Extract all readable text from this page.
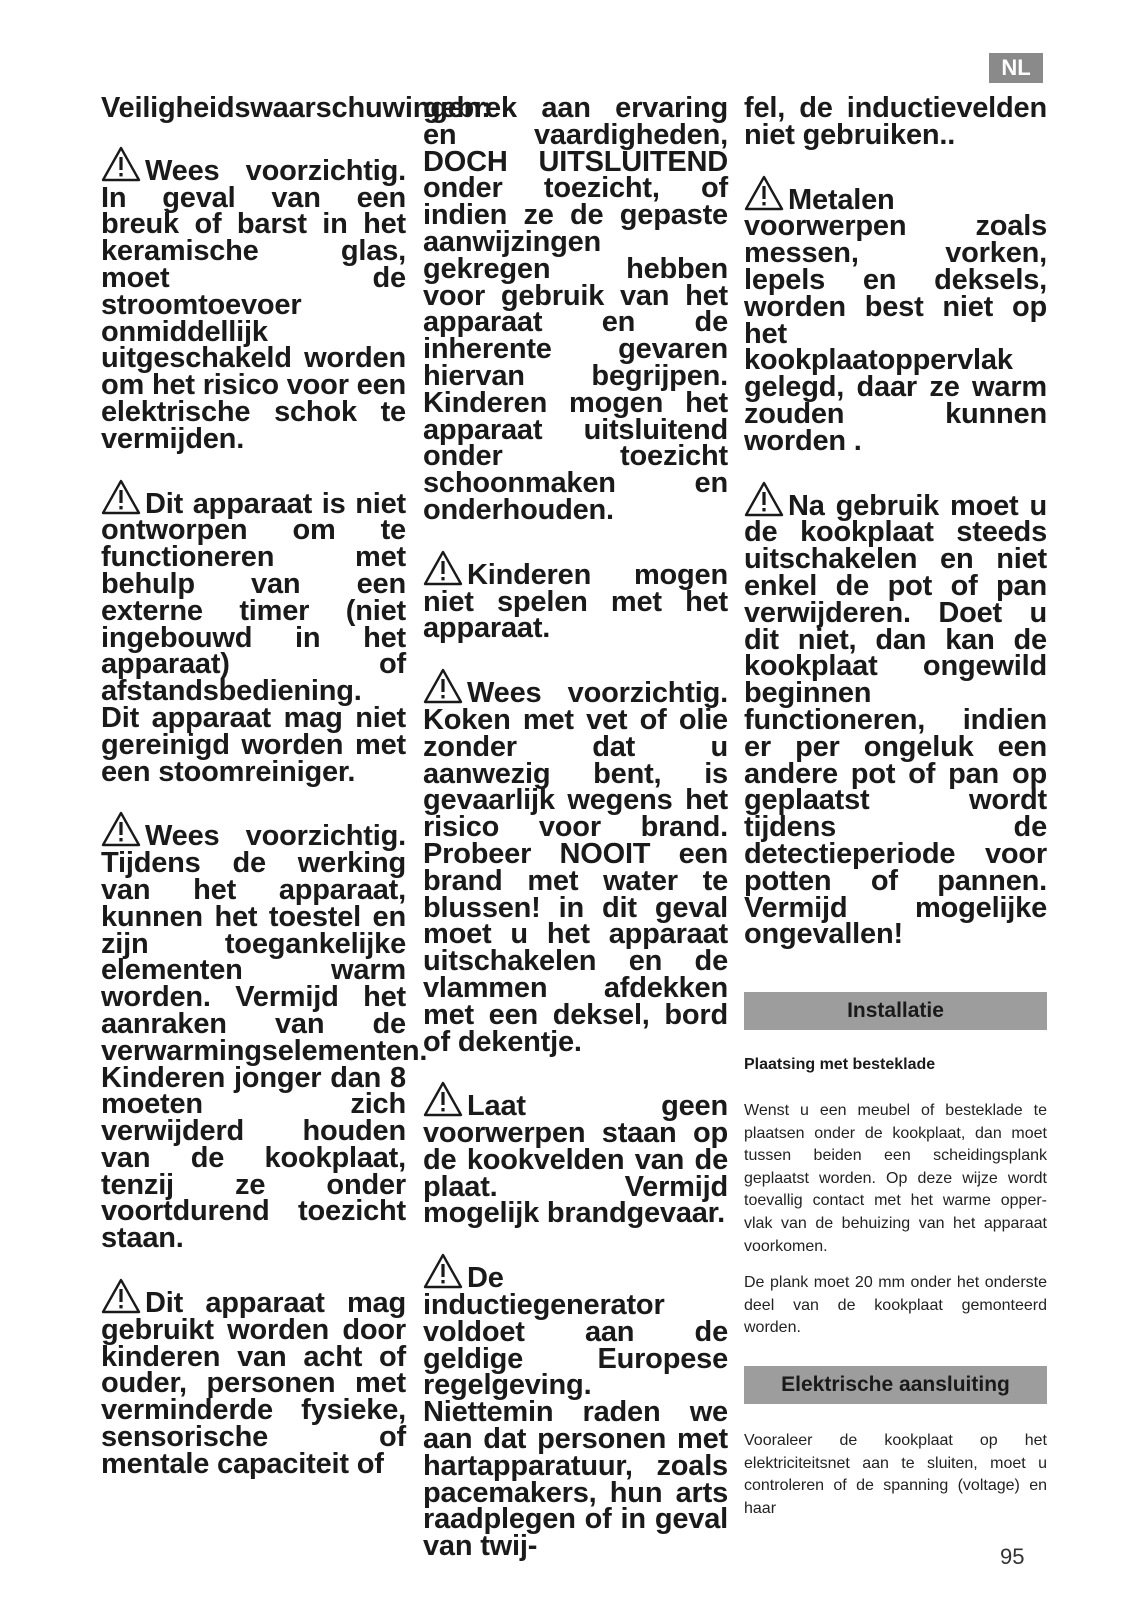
NL

Veiligheidswaarschuwingen:

Wees voorzichtig. In geval van een breuk of barst in het keramische glas, moet de stroomtoevoer onmiddellijk uitgeschakeld worden om het risico voor een elektrische schok te vermijden.

Dit apparaat is niet ontworpen om te functioneren met behulp van een externe timer (niet ingebouwd in het apparaat) of afstandsbediening. Dit apparaat mag niet gereinigd worden met een stoomreiniger.

Wees voorzichtig. Tijdens de werking van het apparaat, kunnen het toestel en zijn toegankelijke elementen warm worden. Vermijd het aanraken van de verwarmingselementen. Kinderen jonger dan 8 moeten zich verwijderd houden van de kookplaat, tenzij ze onder voortdurend toezicht staan.

Dit apparaat mag gebruikt worden door kinderen van acht of ouder, personen met verminderde fysieke, sensorische of mentale capaciteit of

gebrek aan ervaring en vaardigheden, DOCH UITSLUITEND onder toezicht, of indien ze de gepaste aanwijzingen gekregen hebben voor gebruik van het apparaat en de inherente gevaren hiervan begrijpen. Kinderen mogen het apparaat uitsluitend onder toezicht schoonmaken en onderhouden.

Kinderen mogen niet spelen met het apparaat.

Wees voorzichtig. Koken met vet of olie zonder dat u aanwezig bent, is gevaarlijk wegens het risico voor brand. Probeer NOOIT een brand met water te blussen! in dit geval moet u het apparaat uitschakelen en de vlammen afdekken met een deksel, bord of dekentje.

Laat geen voorwerpen staan op de kookvelden van de plaat. Vermijd mogelijk brandgevaar.

De inductiegenerator voldoet aan de geldige Europese regelgeving. Niettemin raden we aan dat personen met hartapparatuur, zoals pacemakers, hun arts raadplegen of in geval van twij-

fel, de inductievelden niet gebruiken..

Metalen voorwerpen zoals messen, vorken, lepels en deksels, worden best niet op het kookplaatoppervlak gelegd, daar ze warm zouden kunnen worden .

Na gebruik moet u de kookplaat steeds uitschakelen en niet enkel de pot of pan verwijderen. Doet u dit niet, dan kan de kookplaat ongewild beginnen functioneren, indien er per ongeluk een andere pot of pan op geplaatst wordt tijdens de detectieperiode voor potten of pannen. Vermijd mogelijke ongevallen!

Installatie

Plaatsing met besteklade

Wenst u een meubel of besteklade te plaatsen onder de kookplaat, dan moet tussen beiden een scheidingsplank geplaatst worden. Op deze wijze wordt toevallig contact met het warme opper- vlak van de behuizing van het apparaat voorkomen.

De plank moet 20 mm onder het onderste deel van de kookplaat gemonteerd worden.

Elektrische aansluiting

Vooraleer de kookplaat op het elektriciteitsnet aan te sluiten, moet u controleren of de spanning (voltage) en haar

95
